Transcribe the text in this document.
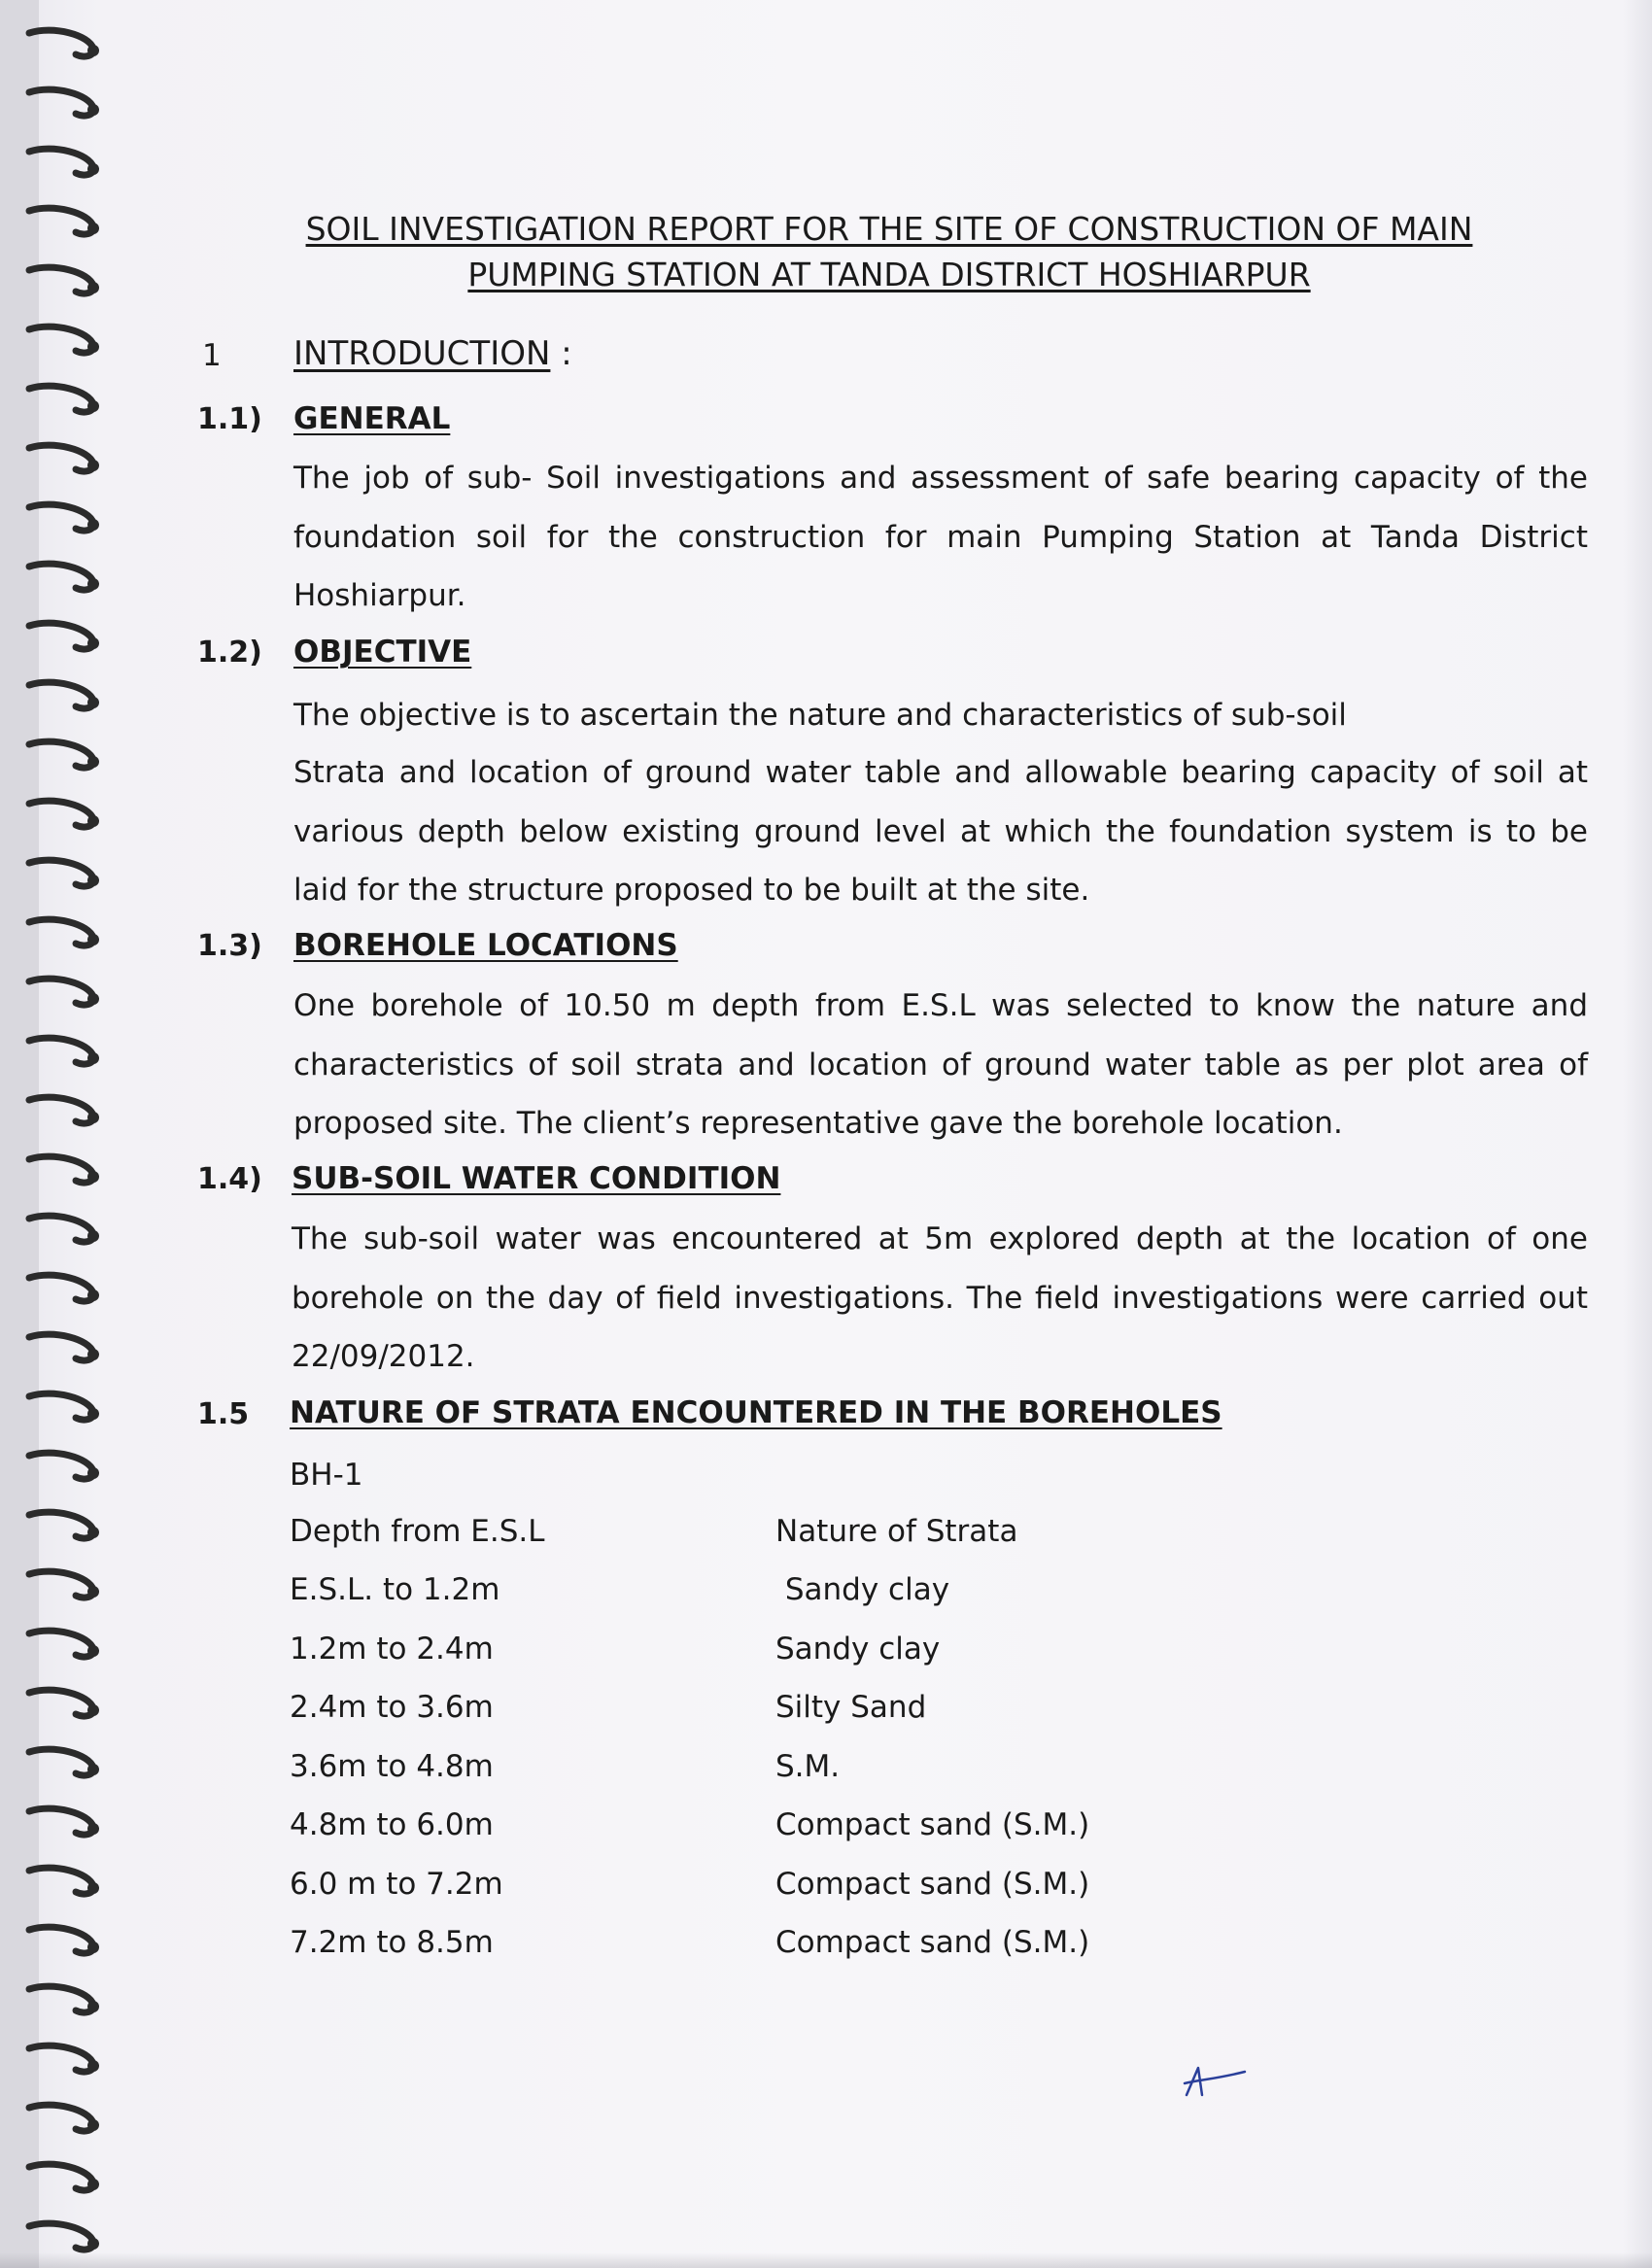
SOIL INVESTIGATION REPORT FOR THE SITE OF CONSTRUCTION OF MAIN
PUMPING STATION AT TANDA DISTRICT HOSHIARPUR
1 INTRODUCTION :
1.1) GENERAL
The job of sub- Soil investigations and assessment of safe bearing capacity of the foundation soil for the construction for main Pumping Station at Tanda District Hoshiarpur.
1.2) OBJECTIVE
The objective is to ascertain the nature and characteristics of sub-soil
Strata and location of ground water table and allowable bearing capacity of soil at various depth below existing ground level at which the foundation system is to be laid for the structure proposed to be built at the site.
1.3) BOREHOLE LOCATIONS
One borehole of 10.50 m depth from E.S.L was selected to know the nature and characteristics of soil strata and location of ground water table as per plot area of proposed site. The client’s representative gave the borehole location.
1.4) SUB-SOIL WATER CONDITION
The sub-soil water was encountered at 5m explored depth at the location of one borehole on the day of field investigations. The field investigations were carried out 22/09/2012.
1.5 NATURE OF STRATA ENCOUNTERED IN THE BOREHOLES
BH-1
Depth from E.S.L	Nature of Strata
E.S.L. to 1.2m	Sandy clay
1.2m to 2.4m	Sandy clay
2.4m to 3.6m	Silty Sand
3.6m to 4.8m	S.M.
4.8m to 6.0m	Compact sand (S.M.)
6.0 m to 7.2m	Compact sand (S.M.)
7.2m to 8.5m	Compact sand (S.M.)
